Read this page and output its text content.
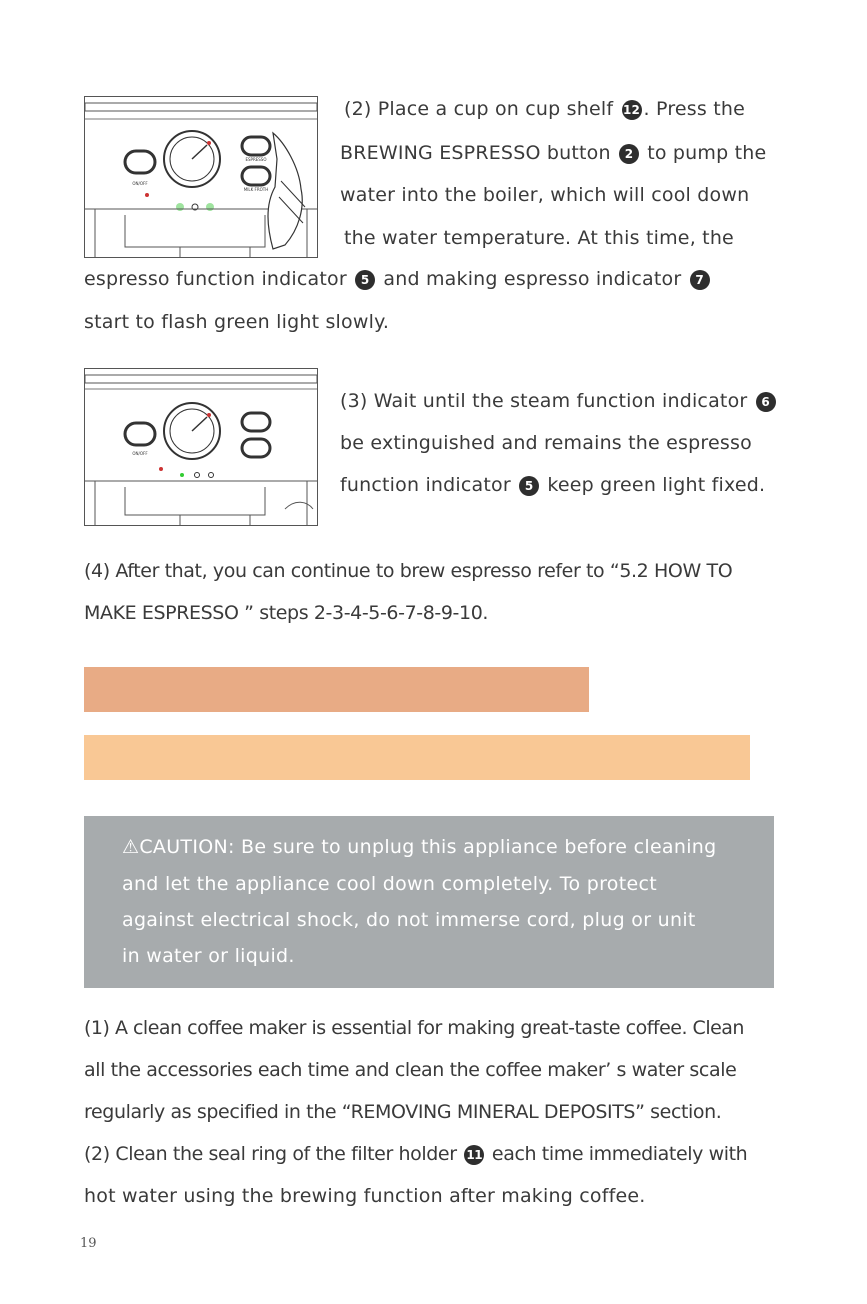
ON/OFF
ESPRESSO
MILK FROTH
(2) Place a cup on cup shelf 12 . Press the
BREWING ESPRESSO button 2 to pump the
water into the boiler, which will cool down
the water temperature. At this time, the
espresso function indicator 5 and making espresso indicator 7
start to flash green light slowly.
ON/OFF
(3) Wait until the steam function indicator 6
be extinguished and remains the espresso
function indicator 5 keep green light fixed.
(4) After that, you can continue to brew espresso refer to “5.2 HOW TO
MAKE ESPRESSO ” steps 2-3-4-5-6-7-8-9-10.
⚠CAUTION: Be sure to unplug this appliance before cleaning
and let the appliance cool down completely. To protect
against electrical shock, do not immerse cord, plug or unit
in water or liquid.
(1) A clean coffee maker is essential for making great-taste coffee. Clean
all the accessories each time and clean the coffee maker’ s water scale
regularly as specified in the “REMOVING MINERAL DEPOSITS” section.
(2) Clean the seal ring of the filter holder 11 each time immediately with
hot water using the brewing function after making coffee.
19
